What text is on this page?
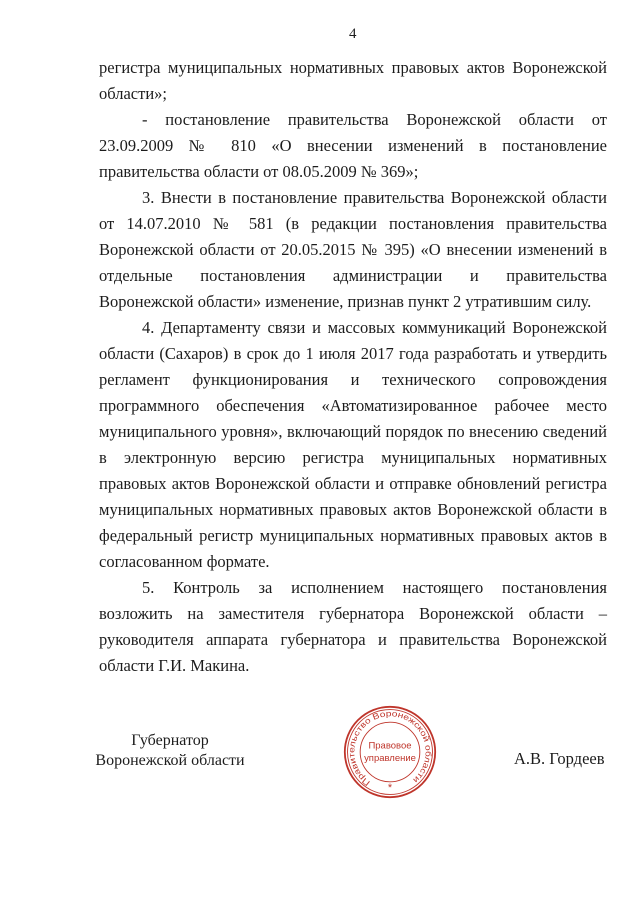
4

регистра муниципальных нормативных правовых актов Воронежской области»;

- постановление правительства Воронежской области от 23.09.2009 № 810 «О внесении изменений в постановление правительства области от 08.05.2009 № 369»;

3. Внести в постановление правительства Воронежской области от 14.07.2010 № 581 (в редакции постановления правительства Воронежской области от 20.05.2015 № 395) «О внесении изменений в отдельные постановления администрации и правительства Воронежской области» изменение, признав пункт 2 утратившим силу.

4. Департаменту связи и массовых коммуникаций Воронежской области (Сахаров) в срок до 1 июля 2017 года разработать и утвердить регламент функционирования и технического сопровождения программного обеспечения «Автоматизированное рабочее место муниципального уровня», включающий порядок по внесению сведений в электронную версию регистра муниципальных нормативных правовых актов Воронежской области и отправке обновлений регистра муниципальных нормативных правовых актов Воронежской области в федеральный регистр муниципальных нормативных правовых актов в согласованном формате.

5. Контроль за исполнением настоящего постановления возложить на заместителя губернатора Воронежской области – руководителя аппарата губернатора и правительства Воронежской области Г.И. Макина.

Губернатор
Воронежской области
Правительство Воронежской области
Правовое
управление
*
А.В. Гордеев
